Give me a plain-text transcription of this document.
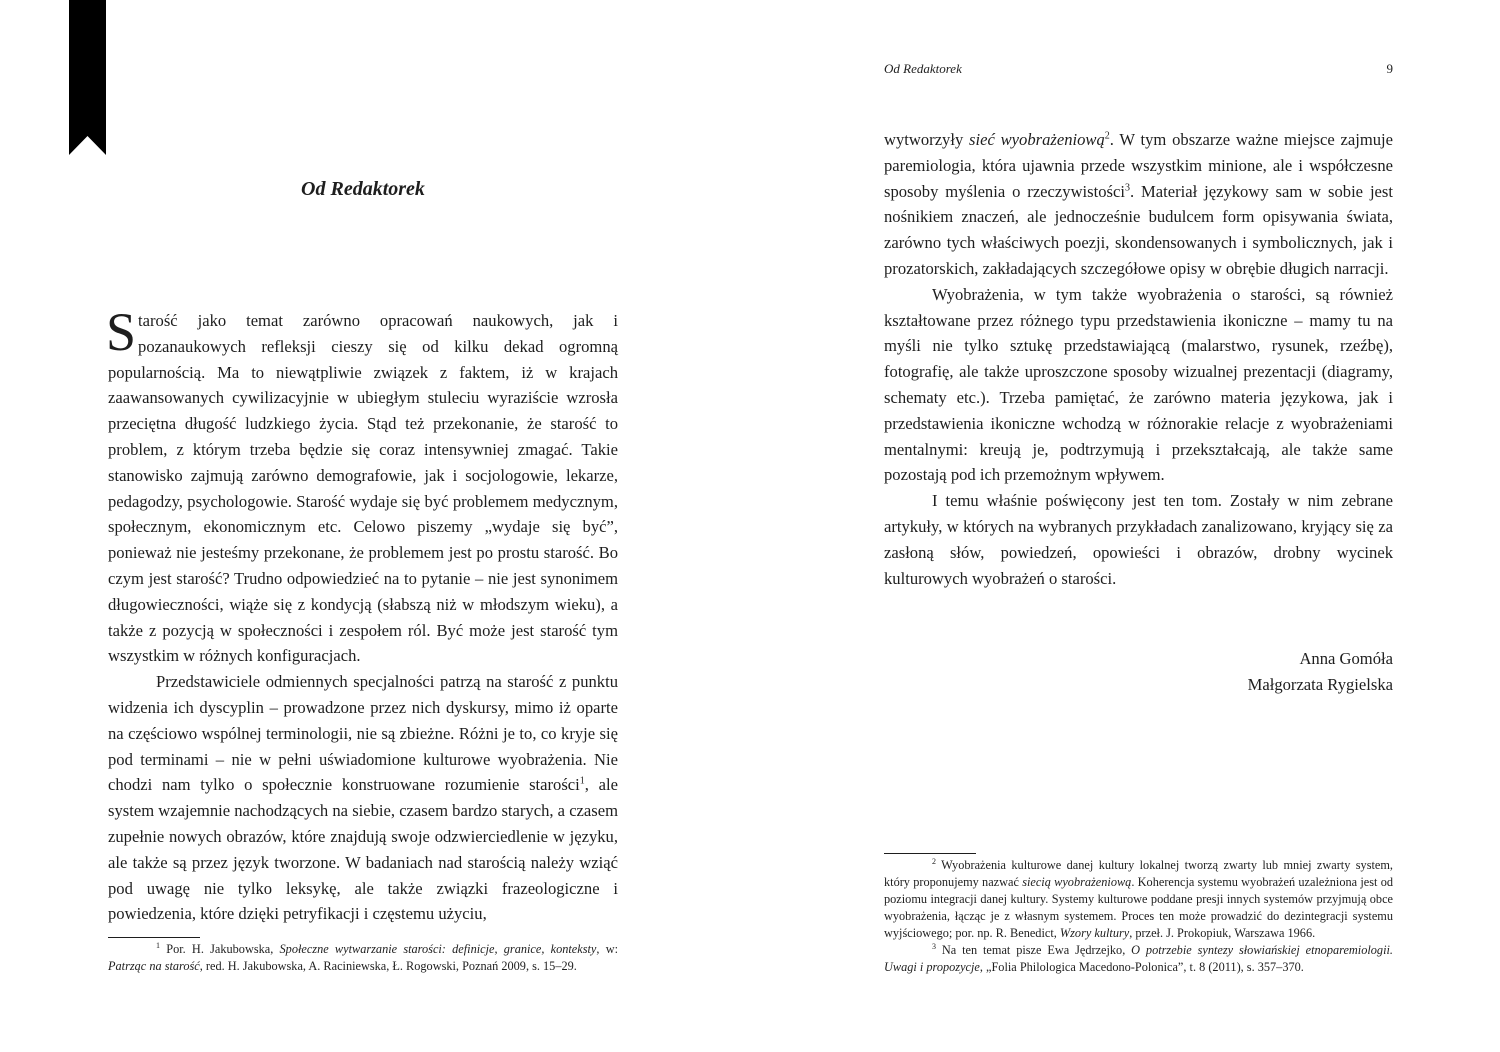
Od Redaktorek

Starość jako temat zarówno opracowań naukowych, jak i pozanaukowych refleksji cieszy się od kilku dekad ogromną popularnością. Ma to niewątpliwie związek z faktem, iż w krajach zaawansowanych cywilizacyjnie w ubiegłym stuleciu wyraziście wzrosła przeciętna długość ludzkiego życia. Stąd też przekonanie, że starość to problem, z którym trzeba będzie się coraz intensywniej zmagać. Takie stanowisko zajmują zarówno demografowie, jak i socjologowie, lekarze, pedagodzy, psychologowie. Starość wydaje się być problemem medycznym, społecznym, ekonomicznym etc. Celowo piszemy „wydaje się być”, ponieważ nie jesteśmy przekonane, że problemem jest po prostu starość. Bo czym jest starość? Trudno odpowiedzieć na to pytanie – nie jest synonimem długowieczności, wiąże się z kondycją (słabszą niż w młodszym wieku), a także z pozycją w społeczności i zespołem ról. Być może jest starość tym wszystkim w różnych konfiguracjach.

Przedstawiciele odmiennych specjalności patrzą na starość z punktu widzenia ich dyscyplin – prowadzone przez nich dyskursy, mimo iż oparte na częściowo wspólnej terminologii, nie są zbieżne. Różni je to, co kryje się pod terminami – nie w pełni uświadomione kulturowe wyobrażenia. Nie chodzi nam tylko o społecznie konstruowane rozumienie starości$^1$, ale system wzajemnie nachodzących na siebie, czasem bardzo starych, a czasem zupełnie nowych obrazów, które znajdują swoje odzwierciedlenie w języku, ale także są przez język tworzone. W badaniach nad starością należy wziąć pod uwagę nie tylko leksykę, ale także związki frazeologiczne i powiedzenia, które dzięki petryfikacji i częstemu użyciu,

$^1$ Por. H. Jakubowska, Społeczne wytwarzanie starości: definicje, granice, konteksty, w: Patrząc na starość, red. H. Jakubowska, A. Raciniewska, Ł. Rogowski, Poznań 2009, s. 15–29.

Od Redaktorek	9

wytworzyły sieć wyobrażeniową$^2$. W tym obszarze ważne miejsce zajmuje paremiologia, która ujawnia przede wszystkim minione, ale i współczesne sposoby myślenia o rzeczywistości$^3$. Materiał językowy sam w sobie jest nośnikiem znaczeń, ale jednocześnie budulcem form opisywania świata, zarówno tych właściwych poezji, skondensowanych i symbolicznych, jak i prozatorskich, zakładających szczegółowe opisy w obrębie długich narracji.

Wyobrażenia, w tym także wyobrażenia o starości, są również kształtowane przez różnego typu przedstawienia ikoniczne – mamy tu na myśli nie tylko sztukę przedstawiającą (malarstwo, rysunek, rzeźbę), fotografię, ale także uproszczone sposoby wizualnej prezentacji (diagramy, schematy etc.). Trzeba pamiętać, że zarówno materia językowa, jak i przedstawienia ikoniczne wchodzą w różnorakie relacje z wyobrażeniami mentalnymi: kreują je, podtrzymują i przekształcają, ale także same pozostają pod ich przemożnym wpływem.

I temu właśnie poświęcony jest ten tom. Zostały w nim zebrane artykuły, w których na wybranych przykładach zanalizowano, kryjący się za zasłoną słów, powiedzeń, opowieści i obrazów, drobny wycinek kulturowych wyobrażeń o starości.

Anna Gomóła
Małgorzata Rygielska

$^2$ Wyobrażenia kulturowe danej kultury lokalnej tworzą zwarty lub mniej zwarty system, który proponujemy nazwać siecią wyobrażeniową. Koherencja systemu wyobrażeń uzależniona jest od poziomu integracji danej kultury. Systemy kulturowe poddane presji innych systemów przyjmują obce wyobrażenia, łącząc je z własnym systemem. Proces ten może prowadzić do dezintegracji systemu wyjściowego; por. np. R. Benedict, Wzory kultury, przeł. J. Prokopiuk, Warszawa 1966.

$^3$ Na ten temat pisze Ewa Jędrzejko, O potrzebie syntezy słowiańskiej etnoparemiologii. Uwagi i propozycje, „Folia Philologica Macedono-Polonica”, t. 8 (2011), s. 357–370.
